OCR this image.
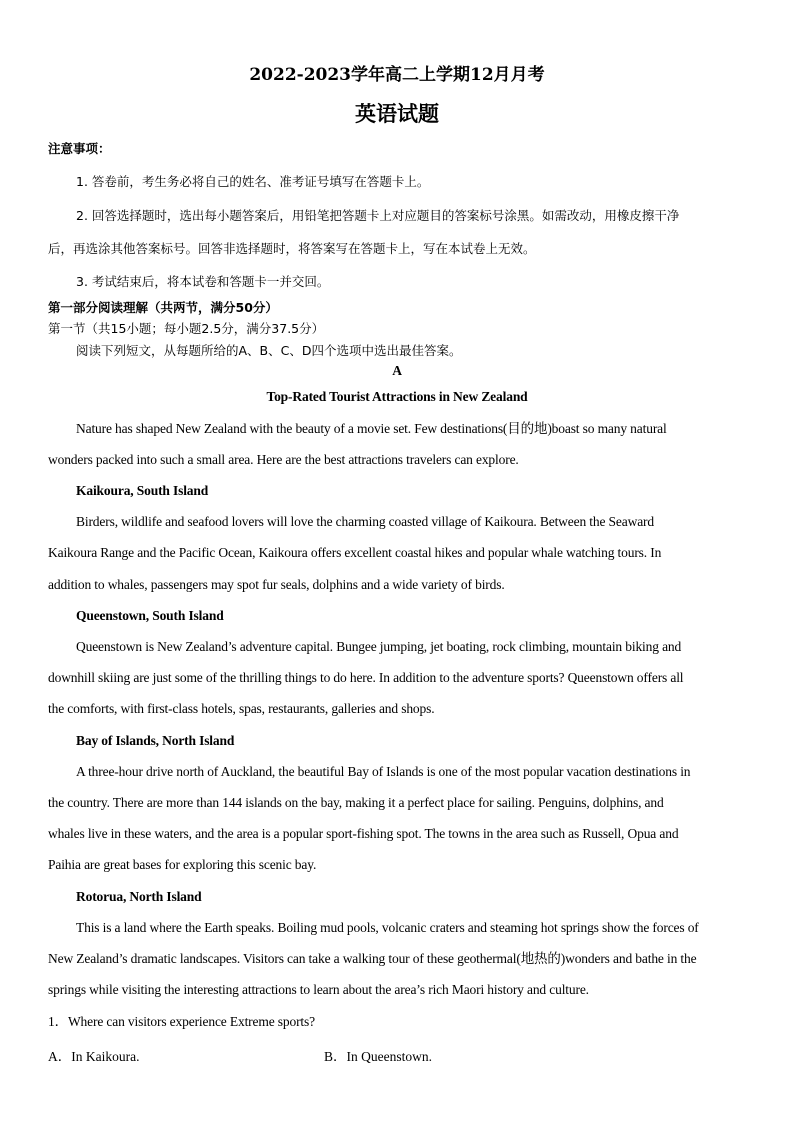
2022-2023学年高二上学期12月月考
英语试题
注意事项：
1. 答卷前，考生务必将自己的姓名、准考证号填写在答题卡上。
2. 回答选择题时，选出每小题答案后，用铅笔把答题卡上对应题目的答案标号涂黑。如需改动，用橡皮擦干净
后，再选涂其他答案标号。回答非选择题时，将答案写在答题卡上，写在本试卷上无效。
3. 考试结束后，将本试卷和答题卡一并交回。
第一部分阅读理解（共两节，满分50分）
第一节（共15小题；每小题2.5分，满分37.5分）
阅读下列短文，从每题所给的A、B、C、D四个选项中选出最佳答案。
A
Top-Rated Tourist Attractions in New Zealand
Nature has shaped New Zealand with the beauty of a movie set. Few destinations(目的地)boast so many natural
wonders packed into such a small area. Here are the best attractions travelers can explore.
Kaikoura, South Island
Birders, wildlife and seafood lovers will love the charming coasted village of Kaikoura. Between the Seaward
Kaikoura Range and the Pacific Ocean, Kaikoura offers excellent coastal hikes and popular whale watching tours. In
addition to whales, passengers may spot fur seals, dolphins and a wide variety of birds.
Queenstown, South Island
Queenstown is New Zealand’s adventure capital. Bungee jumping, jet boating, rock climbing, mountain biking and
downhill skiing are just some of the thrilling things to do here. In addition to the adventure sports? Queenstown offers all
the comforts, with first-class hotels, spas, restaurants, galleries and shops.
Bay of Islands, North Island
A three-hour drive north of Auckland, the beautiful Bay of Islands is one of the most popular vacation destinations in
the country. There are more than 144 islands on the bay, making it a perfect place for sailing. Penguins, dolphins, and
whales live in these waters, and the area is a popular sport-fishing spot. The towns in the area such as Russell, Opua and
Paihia are great bases for exploring this scenic bay.
Rotorua, North Island
This is a land where the Earth speaks. Boiling mud pools, volcanic craters and steaming hot springs show the forces of
New Zealand’s dramatic landscapes. Visitors can take a walking tour of these geothermal(地热的)wonders and bathe in the
springs while visiting the interesting attractions to learn about the area’s rich Maori history and culture.
1．Where can visitors experience Extreme sports?
A．In Kaikoura.	B．In Queenstown.
